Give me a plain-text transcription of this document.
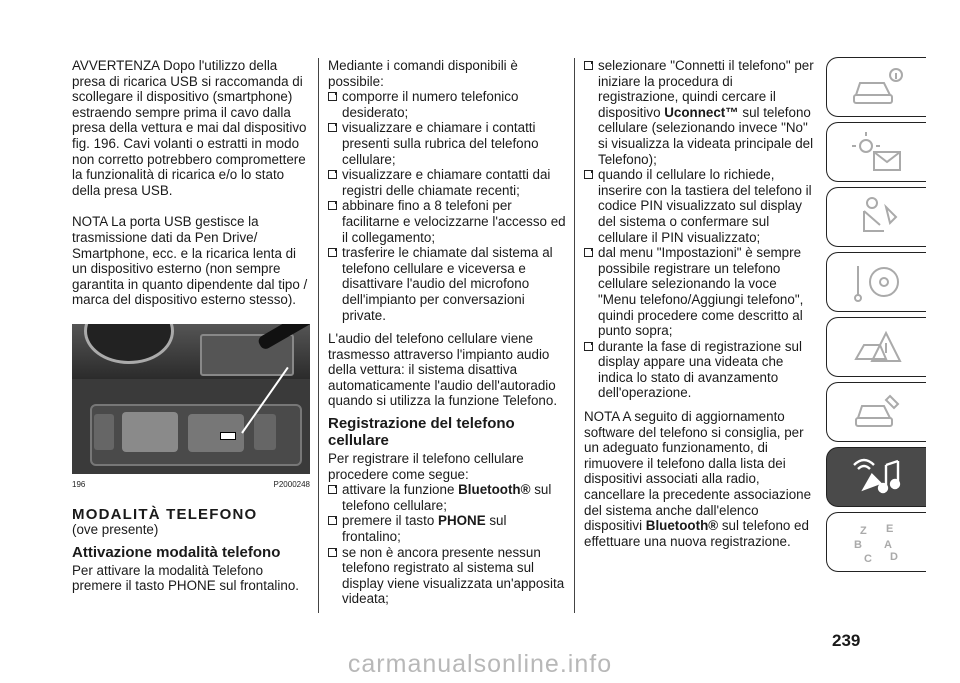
AVVERTENZA Dopo l'utilizzo della presa di ricarica USB si raccomanda di scollegare il dispositivo (smartphone) estraendo sempre prima il cavo dalla presa della vettura e mai dal dispositivo fig. 196. Cavi volanti o estratti in modo non corretto potrebbero compromettere la funzionalità di ricarica e/o lo stato della presa USB.

NOTA La porta USB gestisce la trasmissione dati da Pen Drive/ Smartphone, ecc. e la ricarica lenta di un dispositivo esterno (non sempre garantita in quanto dipendente dal tipo / marca del dispositivo esterno stesso).

196	P2000248
MODALITÀ TELEFONO

(ove presente)

Attivazione modalità telefono

Per attivare la modalità Telefono premere il tasto PHONE sul frontalino.

Mediante i comandi disponibili è possibile:

comporre il numero telefonico desiderato;
visualizzare e chiamare i contatti presenti sulla rubrica del telefono cellulare;
visualizzare e chiamare contatti dai registri delle chiamate recenti;
abbinare fino a 8 telefoni per facilitarne e velocizzarne l'accesso ed il collegamento;
trasferire le chiamate dal sistema al telefono cellulare e viceversa e disattivare l'audio del microfono dell'impianto per conversazioni private.

L'audio del telefono cellulare viene trasmesso attraverso l'impianto audio della vettura: il sistema disattiva automaticamente l'audio dell'autoradio quando si utilizza la funzione Telefono.

Registrazione del telefono cellulare

Per registrare il telefono cellulare procedere come segue:

attivare la funzione Bluetooth® sul telefono cellulare;
premere il tasto PHONE sul frontalino;
se non è ancora presente nessun telefono registrato al sistema sul display viene visualizzata un'apposita videata;
selezionare "Connetti il telefono" per iniziare la procedura di registrazione, quindi cercare il dispositivo Uconnect™ sul telefono cellulare (selezionando invece "No" si visualizza la videata principale del Telefono);
quando il cellulare lo richiede, inserire con la tastiera del telefono il codice PIN visualizzato sul display del sistema o confermare sul cellulare il PIN visualizzato;
dal menu "Impostazioni" è sempre possibile registrare un telefono cellulare selezionando la voce "Menu telefono/Aggiungi telefono", quindi procedere come descritto al punto sopra;
durante la fase di registrazione sul display appare una videata che indica lo stato di avanzamento dell'operazione.

NOTA A seguito di aggiornamento software del telefono si consiglia, per un adeguato funzionamento, di rimuovere il telefono dalla lista dei dispositivi associati alla radio, cancellare la precedente associazione del sistema anche dall'elenco dispositivi Bluetooth® sul telefono ed effettuare una nuova registrazione.

Z E
B A
C D
239
carmanualsonline.info
